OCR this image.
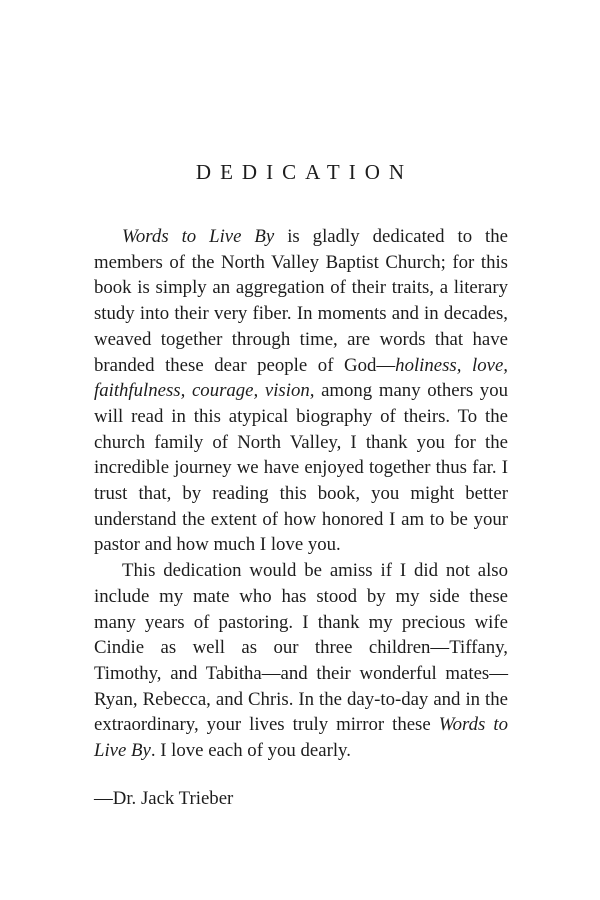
DEDICATION

Words to Live By is gladly dedicated to the members of the North Valley Baptist Church; for this book is simply an aggregation of their traits, a literary study into their very fiber. In moments and in decades, weaved together through time, are words that have branded these dear people of God—holiness, love, faithfulness, courage, vision, among many others you will read in this atypical biography of theirs. To the church family of North Valley, I thank you for the incredible journey we have enjoyed together thus far. I trust that, by reading this book, you might better understand the extent of how honored I am to be your pastor and how much I love you.

This dedication would be amiss if I did not also include my mate who has stood by my side these many years of pastoring. I thank my precious wife Cindie as well as our three children—Tiffany, Timothy, and Tabitha—and their wonderful mates—Ryan, Rebecca, and Chris. In the day-to-day and in the extraordinary, your lives truly mirror these Words to Live By. I love each of you dearly.

—Dr. Jack Trieber
